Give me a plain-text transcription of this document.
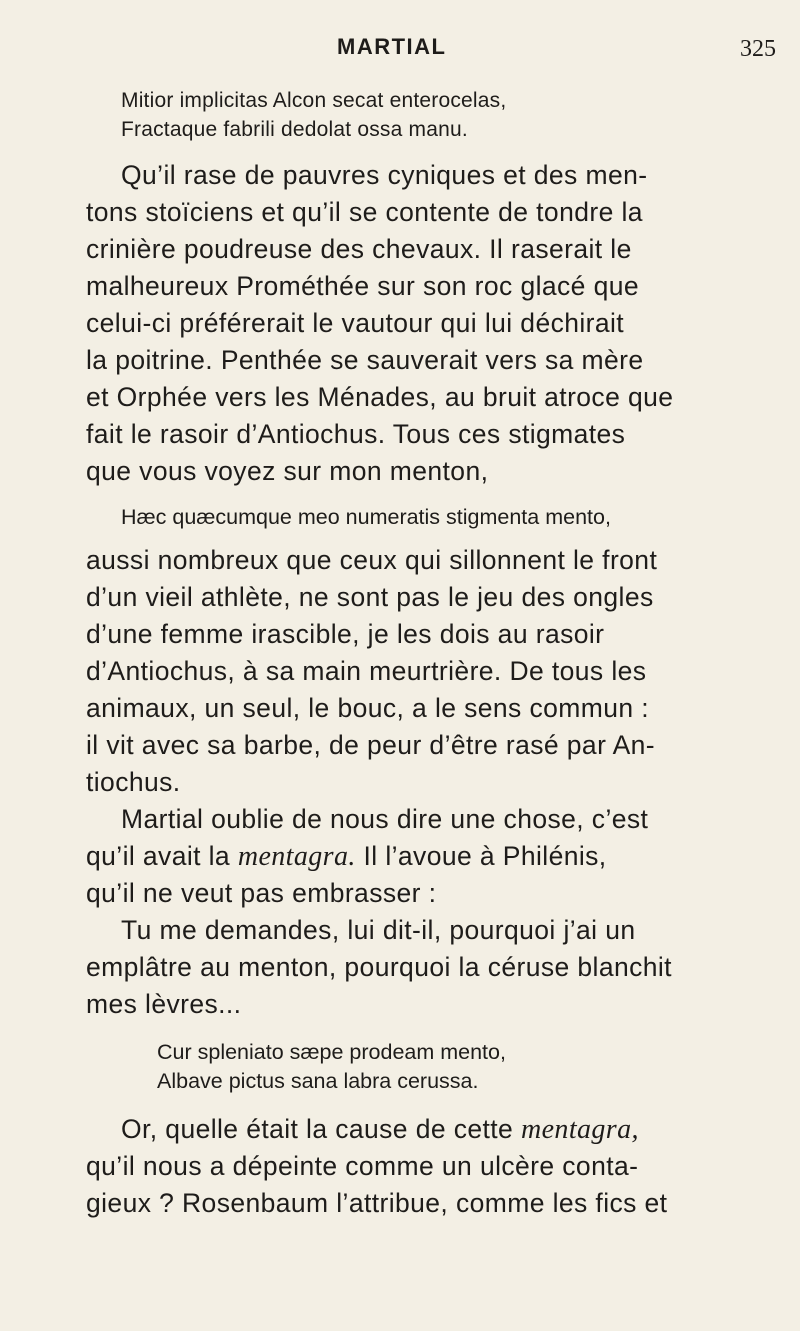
MARTIAL	325
Mitior implicitas Alcon secat enterocelas,
Fractaque fabrili dedolat ossa manu.
Qu’il rase de pauvres cyniques et des men-
tons stoïciens et qu’il se contente de tondre la
crinière poudreuse des chevaux. Il raserait le
malheureux Prométhée sur son roc glacé que
celui-ci préférerait le vautour qui lui déchirait
la poitrine. Penthée se sauverait vers sa mère
et Orphée vers les Ménades, au bruit atroce que
fait le rasoir d’Antiochus. Tous ces stigmates
que vous voyez sur mon menton,
Hæc quæcumque meo numeratis stigmenta mento,
aussi nombreux que ceux qui sillonnent le front
d’un vieil athlète, ne sont pas le jeu des ongles
d’une femme irascible, je les dois au rasoir
d’Antiochus, à sa main meurtrière. De tous les
animaux, un seul, le bouc, a le sens commun :
il vit avec sa barbe, de peur d’être rasé par An-
tiochus.
Martial oublie de nous dire une chose, c’est
qu’il avait la mentagra. Il l’avoue à Philénis,
qu’il ne veut pas embrasser :
Tu me demandes, lui dit-il, pourquoi j’ai un
emplâtre au menton, pourquoi la céruse blanchit
mes lèvres...
Cur spleniato sæpe prodeam mento,
Albave pictus sana labra cerussa.
Or, quelle était la cause de cette mentagra,
qu’il nous a dépeinte comme un ulcère conta-
gieux ? Rosenbaum l’attribue, comme les fics et
